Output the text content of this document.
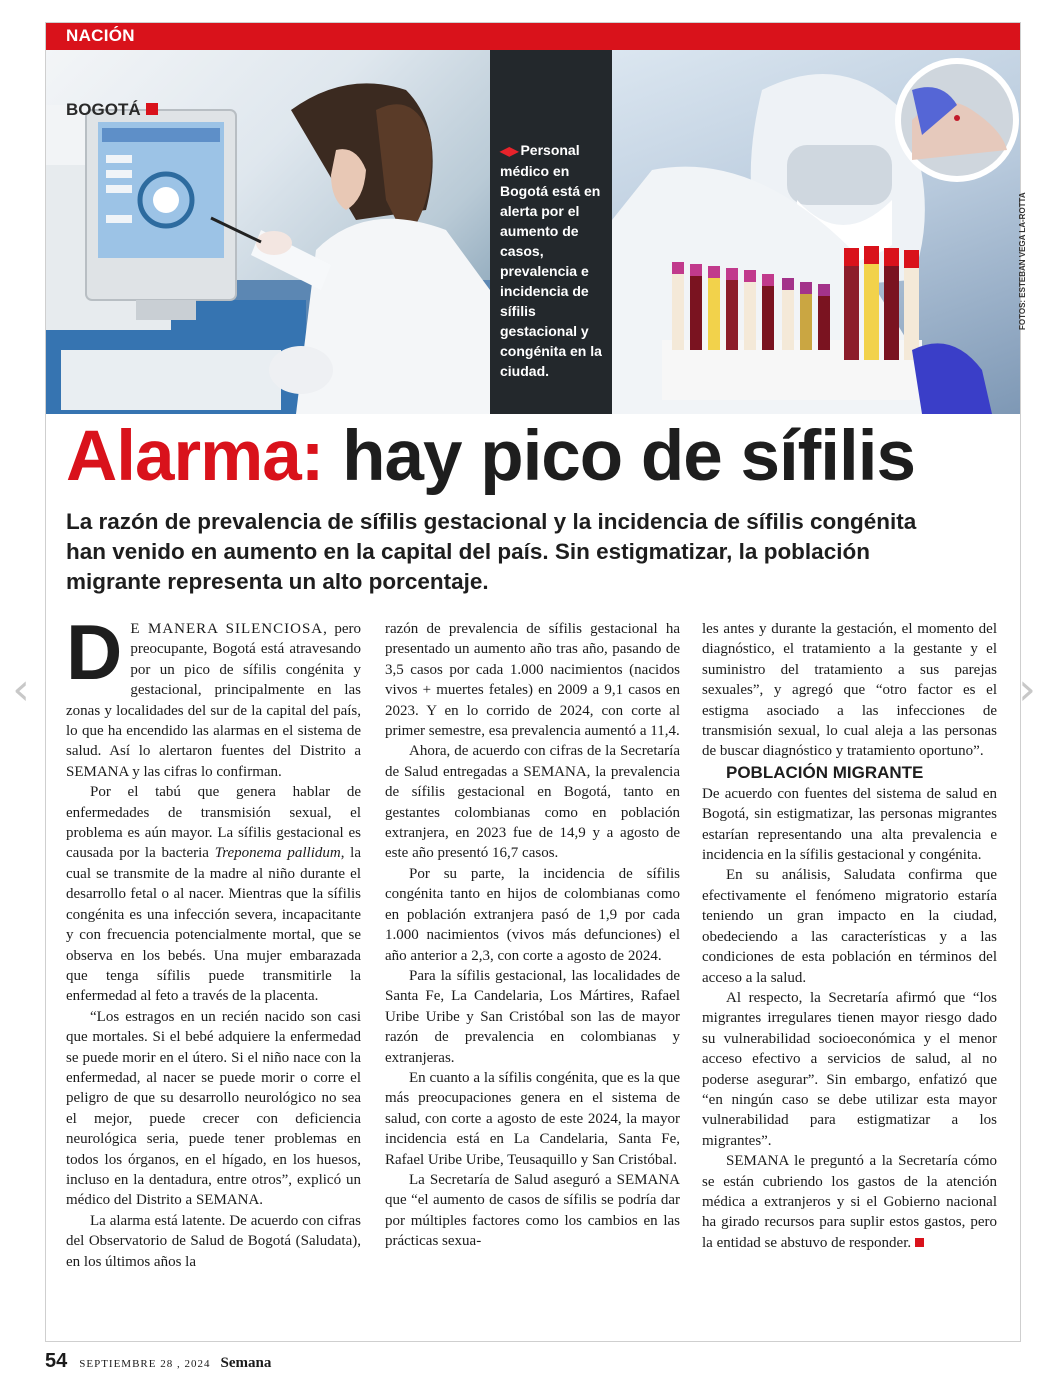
NACIÓN
BOGOTÁ
◀▶ Personal médico en Bogotá está en alerta por el aumento de casos, prevalencia e incidencia de sífilis gestacional y congénita en la ciudad.
Alarma: hay pico de sífilis
La razón de prevalencia de sífilis gestacional y la incidencia de sífilis congénita han venido en aumento en la capital del país. Sin estigmatizar, la población migrante representa un alto porcentaje.

D E MANERA SILENCIOSA, pero preocupante, Bogotá está atravesando por un pico de sífilis congénita y gestacional, principalmente en las zonas y localidades del sur de la capital del país, lo que ha encendido las alarmas en el sistema de salud. Así lo alertaron fuentes del Distrito a SEMANA y las cifras lo confirman.

Por el tabú que genera hablar de enfermedades de transmisión sexual, el problema es aún mayor. La sífilis gestacional es causada por la bacteria Treponema pallidum, la cual se transmite de la madre al niño durante el desarrollo fetal o al nacer. Mientras que la sífilis congénita es una infección severa, incapacitante y con frecuencia potencialmente mortal, que se observa en los bebés. Una mujer embarazada que tenga sífilis puede transmitirle la enfermedad al feto a través de la placenta.

“Los estragos en un recién nacido son casi que mortales. Si el bebé adquiere la enfermedad se puede morir en el útero. Si el niño nace con la enfermedad, al nacer se puede morir o corre el peligro de que su desarrollo neurológico no sea el mejor, puede crecer con deficiencia neurológica seria, puede tener problemas en todos los órganos, en el hígado, en los huesos, incluso en la dentadura, entre otros”, explicó un médico del Distrito a SEMANA.

La alarma está latente. De acuerdo con cifras del Observatorio de Salud de Bogotá (Saludata), en los últimos años la

razón de prevalencia de sífilis gestacional ha presentado un aumento año tras año, pasando de 3,5 casos por cada 1.000 nacimientos (nacidos vivos + muertes fetales) en 2009 a 9,1 casos en 2023. Y en lo corrido de 2024, con corte al primer semestre, esa prevalencia aumentó a 11,4.

Ahora, de acuerdo con cifras de la Secretaría de Salud entregadas a SEMANA, la prevalencia de sífilis gestacional en Bogotá, tanto en gestantes colombianas como en población extranjera, en 2023 fue de 14,9 y a agosto de este año presentó 16,7 casos.

Por su parte, la incidencia de sífilis congénita tanto en hijos de colombianas como en población extranjera pasó de 1,9 por cada 1.000 nacimientos (vivos más defunciones) el año anterior a 2,3, con corte a agosto de 2024.

Para la sífilis gestacional, las localidades de Santa Fe, La Candelaria, Los Mártires, Rafael Uribe Uribe y San Cristóbal son las de mayor razón de prevalencia en colombianas y extranjeras.

En cuanto a la sífilis congénita, que es la que más preocupaciones genera en el sistema de salud, con corte a agosto de este 2024, la mayor incidencia está en La Candelaria, Santa Fe, Rafael Uribe Uribe, Teusaquillo y San Cristóbal.

La Secretaría de Salud aseguró a SEMANA que “el aumento de casos de sífilis se podría dar por múltiples factores como los cambios en las prácticas sexua-

les antes y durante la gestación, el momento del diagnóstico, el tratamiento a la gestante y el suministro del tratamiento a sus parejas sexuales”, y agregó que “otro factor es el estigma asociado a las infecciones de transmisión sexual, lo cual aleja a las personas de buscar diagnóstico y tratamiento oportuno”.

POBLACIÓN MIGRANTE

De acuerdo con fuentes del sistema de salud en Bogotá, sin estigmatizar, las personas migrantes estarían representando una alta prevalencia e incidencia en la sífilis gestacional y congénita.

En su análisis, Saludata confirma que efectivamente el fenómeno migratorio estaría teniendo un gran impacto en la ciudad, obedeciendo a las características y a las condiciones de esta población en términos del acceso a la salud.

Al respecto, la Secretaría afirmó que “los migrantes irregulares tienen mayor riesgo dado su vulnerabilidad socioeconómica y el menor acceso efectivo a servicios de salud, al no poderse asegurar”. Sin embargo, enfatizó que “en ningún caso se debe utilizar esta mayor vulnerabilidad para estigmatizar a los migrantes”.

SEMANA le preguntó a la Secretaría cómo se están cubriendo los gastos de la atención médica a extranjeros y si el Gobierno nacional ha girado recursos para suplir estos gastos, pero la entidad se abstuvo de responder.

FOTOS: ESTEBAN VEGA LA-ROTTA
54 SEPTIEMBRE 28 , 2024 Semana
‹	›
